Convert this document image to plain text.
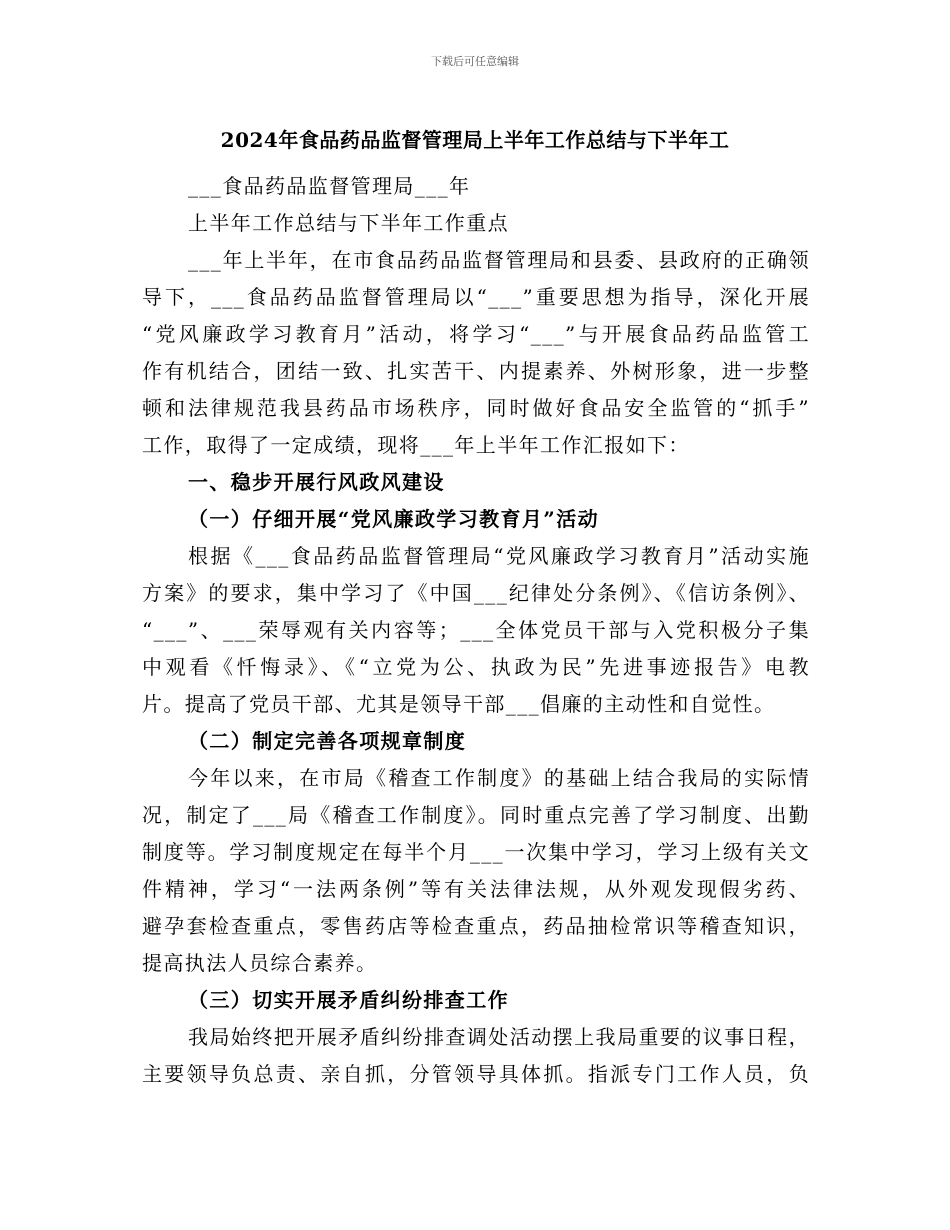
下载后可任意编辑
2024年食品药品监督管理局上半年工作总结与下半年工
___食品药品监督管理局___年
上半年工作总结与下半年工作重点
___年上半年，在市食品药品监督管理局和县委、县政府的正确领
导下，___食品药品监督管理局以“___”重要思想为指导，深化开展
“党风廉政学习教育月”活动，将学习“___”与开展食品药品监管工
作有机结合，团结一致、扎实苦干、内提素养、外树形象，进一步整
顿和法律规范我县药品市场秩序，同时做好食品安全监管的“抓手”
工作，取得了一定成绩，现将___年上半年工作汇报如下：
一、稳步开展行风政风建设
（一）仔细开展“党风廉政学习教育月”活动
根据《___食品药品监督管理局“党风廉政学习教育月”活动实施
方案》的要求，集中学习了《中国___纪律处分条例》、《信访条例》、
“___”、___荣辱观有关内容等；___全体党员干部与入党积极分子集
中观看《忏悔录》、《“立党为公、执政为民”先进事迹报告》电教
片。提高了党员干部、尤其是领导干部___倡廉的主动性和自觉性。
（二）制定完善各项规章制度
今年以来，在市局《稽查工作制度》的基础上结合我局的实际情
况，制定了___局《稽查工作制度》。同时重点完善了学习制度、出勤
制度等。学习制度规定在每半个月___一次集中学习，学习上级有关文
件精神，学习“一法两条例”等有关法律法规，从外观发现假劣药、
避孕套检查重点，零售药店等检查重点，药品抽检常识等稽查知识，
提高执法人员综合素养。
（三）切实开展矛盾纠纷排查工作
我局始终把开展矛盾纠纷排查调处活动摆上我局重要的议事日程，
主要领导负总责、亲自抓，分管领导具体抓。指派专门工作人员，负
